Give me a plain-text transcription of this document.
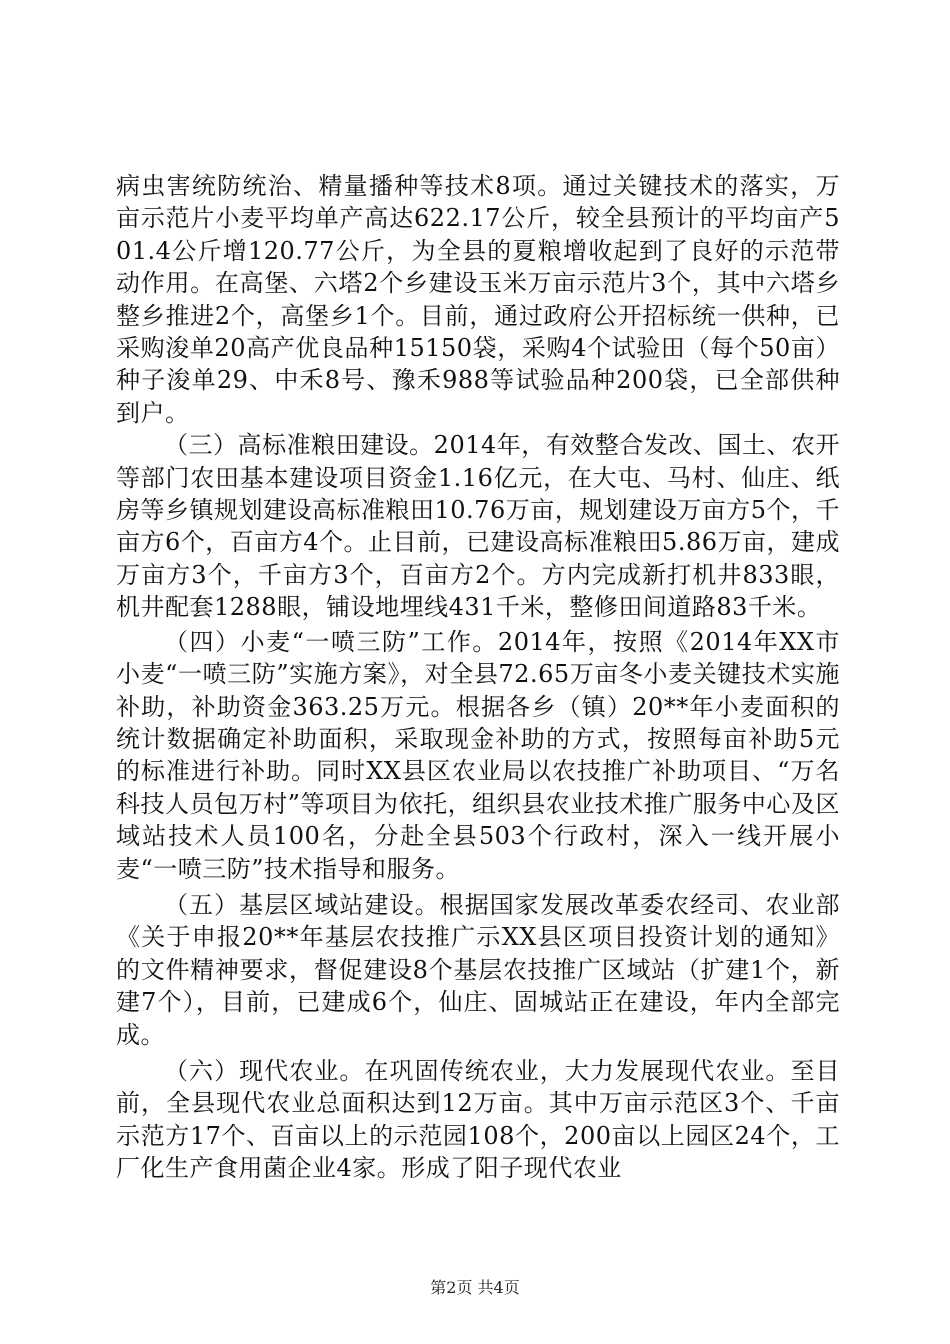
病虫害统防统治、精量播种等技术8项。通过关键技术的落实，万亩示范片小麦平均单产高达622.17公斤，较全县预计的平均亩产501.4公斤增120.77公斤，为全县的夏粮增收起到了良好的示范带动作用。在高堡、六塔2个乡建设玉米万亩示范片3个，其中六塔乡整乡推进2个，高堡乡1个。目前，通过政府公开招标统一供种，已采购浚单20高产优良品种15150袋，采购4个试验田（每个50亩）种子浚单29、中禾8号、豫禾988等试验品种200袋，已全部供种到户。

（三）高标准粮田建设。2014年，有效整合发改、国土、农开等部门农田基本建设项目资金1.16亿元，在大屯、马村、仙庄、纸房等乡镇规划建设高标准粮田10.76万亩，规划建设万亩方5个，千亩方6个，百亩方4个。止目前，已建设高标准粮田5.86万亩，建成万亩方3个，千亩方3个，百亩方2个。方内完成新打机井833眼，机井配套1288眼，铺设地埋线431千米，整修田间道路83千米。

（四）小麦“一喷三防”工作。2014年，按照《2014年XX市小麦“一喷三防”实施方案》，对全县72.65万亩冬小麦关键技术实施补助，补助资金363.25万元。根据各乡（镇）20**年小麦面积的统计数据确定补助面积，采取现金补助的方式，按照每亩补助5元的标准进行补助。同时XX县区农业局以农技推广补助项目、“万名科技人员包万村”等项目为依托，组织县农业技术推广服务中心及区域站技术人员100名，分赴全县503个行政村，深入一线开展小麦“一喷三防”技术指导和服务。

（五）基层区域站建设。根据国家发展改革委农经司、农业部《关于申报20**年基层农技推广示XX县区项目投资计划的通知》的文件精神要求，督促建设8个基层农技推广区域站（扩建1个，新建7个），目前，已建成6个，仙庄、固城站正在建设，年内全部完成。

（六）现代农业。在巩固传统农业，大力发展现代农业。至目前，全县现代农业总面积达到12万亩。其中万亩示范区3个、千亩示范方17个、百亩以上的示范园108个，200亩以上园区24个，工厂化生产食用菌企业4家。形成了阳子现代农业

第2页 共4页
